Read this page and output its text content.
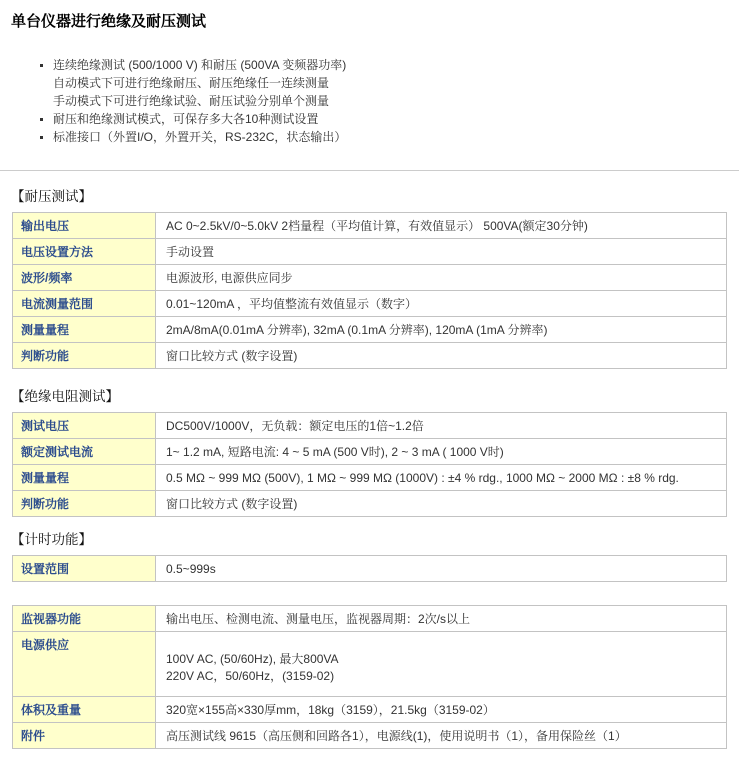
单台仪器进行绝缘及耐压测试
连续绝缘测试 (500/1000 V) 和耐压 (500VA 变频器功率)
自动模式下可进行绝缘耐压、耐压绝缘任一连续测量
手动模式下可进行绝缘试验、耐压试验分别单个测量
耐压和绝缘测试模式，可保存多大各10种测试设置
标准接口（外置I/O，外置开关，RS-232C，状态输出）
【耐压测试】
输出电压	AC 0~2.5kV/0~5.0kV 2档量程（平均值计算，有效值显示） 500VA(额定30分钟)
电压设置方法	手动设置
波形/频率	电源波形, 电源供应同步
电流测量范围	0.01~120mA ，平均值整流有效值显示（数字）
测量量程	2mA/8mA(0.01mA 分辨率), 32mA (0.1mA 分辨率), 120mA (1mA 分辨率)
判断功能	窗口比较方式 (数字设置)
【绝缘电阻测试】
测试电压	DC500V/1000V，无负载：额定电压的1倍~1.2倍
额定测试电流	1~ 1.2 mA, 短路电流: 4 ~ 5 mA (500 V时), 2 ~ 3 mA ( 1000 V时)
测量量程	0.5 MΩ ~ 999 MΩ (500V), 1 MΩ ~ 999 MΩ (1000V) : ±4 % rdg., 1000 MΩ ~ 2000 MΩ : ±8 % rdg.
判断功能	窗口比较方式 (数字设置)
【计时功能】
设置范围	0.5~999s
监视器功能	输出电压、检测电流、测量电压，监视器周期：2次/s以上
电源供应	100V AC, (50/60Hz), 最大800VA
220V AC，50/60Hz，(3159-02)

体积及重量	320宽×155高×330厚mm，18kg（3159），21.5kg（3159-02）
附件	高压测试线 9615（高压侧和回路各1），电源线(1)，使用说明书（1），备用保险丝（1）
